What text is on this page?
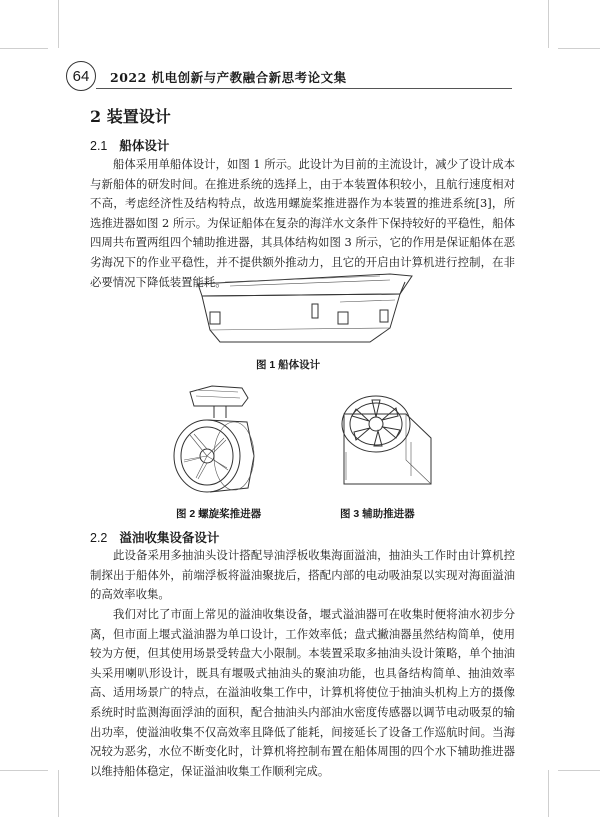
64	2022 机电创新与产教融合新思考论文集
2 装置设计
2.1 船体设计

船体采用单船体设计，如图 1 所示。此设计为目前的主流设计，减少了设计成本与新船体的研发时间。在推进系统的选择上，由于本装置体积较小，且航行速度相对不高，考虑经济性及结构特点，故选用螺旋桨推进器作为本装置的推进系统[3]，所选推进器如图 2 所示。为保证船体在复杂的海洋水文条件下保持较好的平稳性，船体四周共布置两组四个辅助推进器，其具体结构如图 3 所示，它的作用是保证船体在恶劣海况下的作业平稳性，并不提供额外推动力，且它的开启由计算机进行控制，在非必要情况下降低装置能耗。

图 1 船体设计
图 2 螺旋桨推进器	图 3 辅助推进器
2.2 溢油收集设备设计

此设备采用多抽油头设计搭配导油浮板收集海面溢油，抽油头工作时由计算机控制探出于船体外，前端浮板将溢油聚拢后，搭配内部的电动吸油泵以实现对海面溢油的高效率收集。

我们对比了市面上常见的溢油收集设备，堰式溢油器可在收集时便将油水初步分离，但市面上堰式溢油器为单口设计，工作效率低；盘式撇油器虽然结构简单，使用较为方便，但其使用场景受转盘大小限制。本装置采取多抽油头设计策略，单个抽油头采用喇叭形设计，既具有堰吸式抽油头的聚油功能，也具备结构简单、抽油效率高、适用场景广的特点，在溢油收集工作中，计算机将使位于抽油头机构上方的摄像系统时时监测海面浮油的面积，配合抽油头内部油水密度传感器以调节电动吸泵的输出功率，使溢油收集不仅高效率且降低了能耗，间接延长了设备工作巡航时间。当海况较为恶劣，水位不断变化时，计算机将控制布置在船体周围的四个水下辅助推进器以维持船体稳定，保证溢油收集工作顺利完成。
